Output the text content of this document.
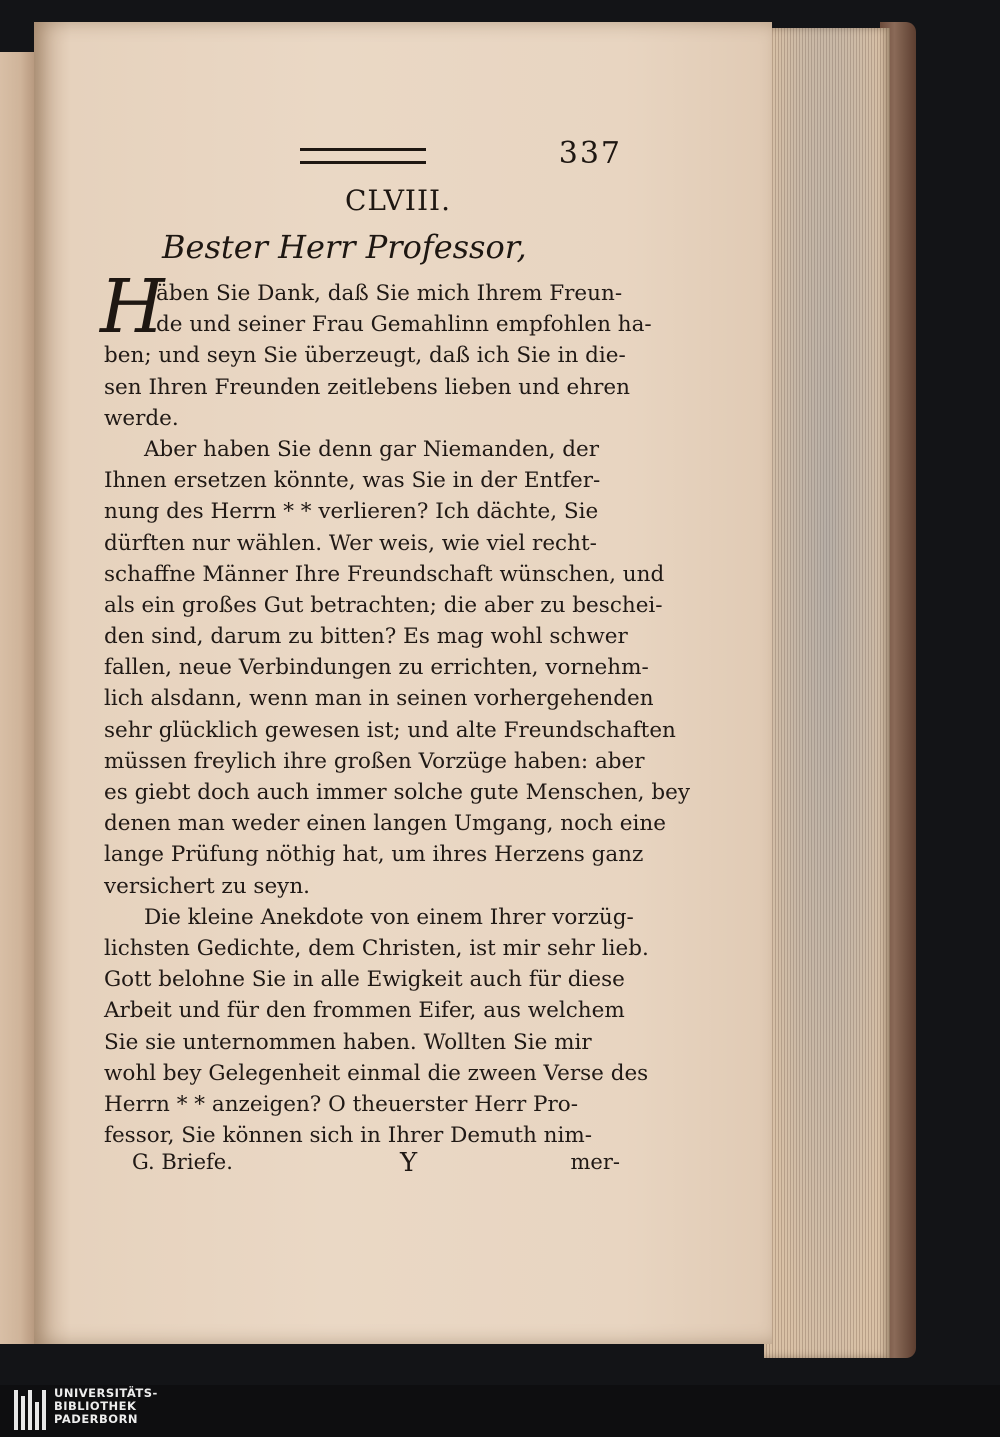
337
CLVIII.
Bester Herr Professor,
H
äben Sie Dank, daß Sie mich Ihrem Freun-
de und seiner Frau Gemahlinn empfohlen ha-
ben; und seyn Sie überzeugt, daß ich Sie in die-
sen Ihren Freunden zeitlebens lieben und ehren
werde.
Aber haben Sie denn gar Niemanden, der
Ihnen ersetzen könnte, was Sie in der Entfer-
nung des Herrn * * verlieren? Ich dächte, Sie
dürften nur wählen. Wer weis, wie viel recht-
schaffne Männer Ihre Freundschaft wünschen, und
als ein großes Gut betrachten; die aber zu beschei-
den sind, darum zu bitten? Es mag wohl schwer
fallen, neue Verbindungen zu errichten, vornehm-
lich alsdann, wenn man in seinen vorhergehenden
sehr glücklich gewesen ist; und alte Freundschaften
müssen freylich ihre großen Vorzüge haben: aber
es giebt doch auch immer solche gute Menschen, bey
denen man weder einen langen Umgang, noch eine
lange Prüfung nöthig hat, um ihres Herzens ganz
versichert zu seyn.
Die kleine Anekdote von einem Ihrer vorzüg-
lichsten Gedichte, dem Christen, ist mir sehr lieb.
Gott belohne Sie in alle Ewigkeit auch für diese
Arbeit und für den frommen Eifer, aus welchem
Sie sie unternommen haben. Wollten Sie mir
wohl bey Gelegenheit einmal die zween Verse des
Herrn * * anzeigen? O theuerster Herr Pro-
fessor, Sie können sich in Ihrer Demuth nim-
G. Briefe.	Y	mer-
UNIVERSITÄTS-
BIBLIOTHEK
PADERBORN
